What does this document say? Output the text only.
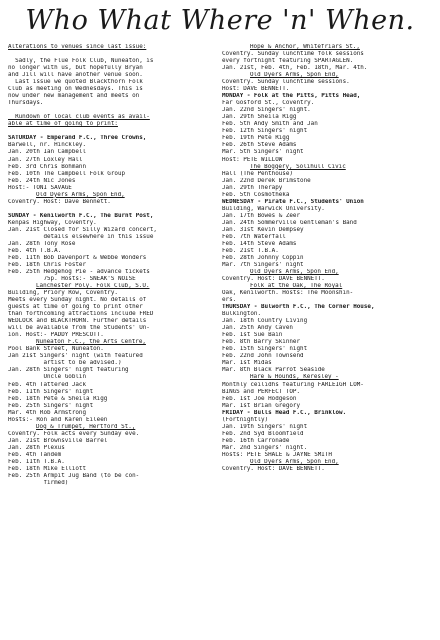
Who What Where 'n' When.
Alterations to venues since last issue:
Sadly, the Flue Folk Club, Nuneaton, is
no longer with us, but hopefully Bryan
and Jill will have another venue soon.
Last issue we quoted Blackthorn Folk
Club as meeting on Wednesdays. This is
now under new management and meets on
Thursdays.
Rundown of local club events as avail-
able at time of going to print:
SATURDAY - Emperand F.C., Three Crowns,
Barwell, nr. Hinckley.
Jan. 20th Ian Campbell
Jan. 27th Loxley Hall
Feb. 3rd Chris Bohmann
Feb. 10th The Campbell Folk Group
Feb. 24th Nic Jones
Host:- TONI SAVAGE
Old Dyers Arms, Spon End,
Coventry. Host: Dave Bennett.
SUNDAY - Kenilworth F.C., The Burnt Post,
Kenpas Highway, Coventry.
Jan. 21st Closed for Silly Wizard concert,
details elsewhere in this issue
Jan. 28th Tony Rose
Feb. 4th T.B.A.
Feb. 11th Bob Davenport & Webbe Wonders
Feb. 18th Chris Foster
Feb. 25th Hedgehog Pie - advance tickets
75p. Hosts:- SNEAK'S NOISE
Lanchester Poly. Folk Club, S.U.
Building, Priory Row, Coventry.
Meets every Sunday night. No details of
guests at time of going to print other
than forthcoming attractions include FRED
WEDLOCK and BLACKTHORN. Further details
will be available from the Students' Un-
ion. Host:- PADDY PRESCOTT.
Nuneaton F.C., the Arts Centre,
Pool Bank Street, Nuneaton.
Jan 21st Singers' night (with featured
artist to be advised.)
Jan. 28th Singers' night featuring
Uncle Goblin
Feb. 4th Tattered Jack
Feb. 11th Singers' night
Feb. 18th Pete & Sheila Rigg
Feb. 25th Singers' night
Mar. 4th Rob Armstrong
Hosts:- Ron and Karen Eileen
Dog & Trumpet, Hertford St.,
Coventry. Folk acts every Sunday eve.
Jan. 21st Brownsville Barrel
Jan. 28th Plexus
Feb. 4th Tandem
Feb. 11th T.B.A.
Feb. 18th Mike Elliott
Feb. 25th Armpit Jug Band (to be con-
firmed)
Hope & Anchor, Whitefriars St.,
Coventry. Sunday lunchtime folk sessions
every fortnight featuring SPARTAGLEN.
Jan. 21st, Feb. 4th, Feb. 18th, Mar. 4th.
Old Dyers Arms, Spon End,
Coventry. Sunday lunchtime sessions.
Host: DAVE BENNETT.
MONDAY - Folk at the Pitts, Pitts Head,
Far Gosford St., Coventry.
Jan. 22nd Singers' night.
Jan. 29th Sheila Rigg
Feb. 5th Andy Smith and Jan
Feb. 12th Singers' night
Feb. 19th Pete Rigg
Feb. 26th Steve Adams
Mar. 5th Singers' night
Host: PETE WILLOW
The Boggery, Solihull Civic
Hall (The Penthouse)
Jan. 22nd Derek Brimstone
Jan. 29th Therapy
Feb. 5th Cosmotheka
WEDNESDAY - Pirate F.C., Students' Union
Building, Warwick University.
Jan. 17th Bowes & Zeer
Jan. 24th Sommerville Gentleman's Band
Jan. 31st Kevin Dempsey
Feb. 7th Waterfall
Feb. 14th Steve Adams
Feb. 21st T.B.A.
Feb. 28th Johnny Coppin
Mar. 7th Singers' night
Old Dyers Arms, Spon End,
Coventry. Host: DAVE BENNETT.
Folk at the Oak, The Royal
Oak, Kenilworth. Hosts: The Moonshin-
ers.
THURSDAY - Bulworth F.C., The Corner House,
Bulkington.
Jan. 18th Country Living
Jan. 25th Andy Caven
Feb. 1st Sue Bain
Feb. 8th Barry Skinner
Feb. 15th Singers' night
Feb. 22nd John Townsend
Mar. 1st Midas
Mar. 8th Black Parrot Seaside
Hare & Hounds, Keresley -
Monthly ceilidhs featuring FARLEIGH LOM-
BINGS and PERFECT TOP.
Feb. 1st Joe Hodgeson
Mar. 1st Brian Gregory
FRIDAY - Bulls Head F.C., Brinklow.
(Fortnightly)
Jan. 19th Singers' night
Feb. 2nd Syd Bloomfield
Feb. 16th Carronade
Mar. 2nd Singers' night.
Hosts: PETE SHALE & JAYNE SMITH
Old Dyers Arms, Spon End,
Coventry. Host: DAVE BENNETT.
